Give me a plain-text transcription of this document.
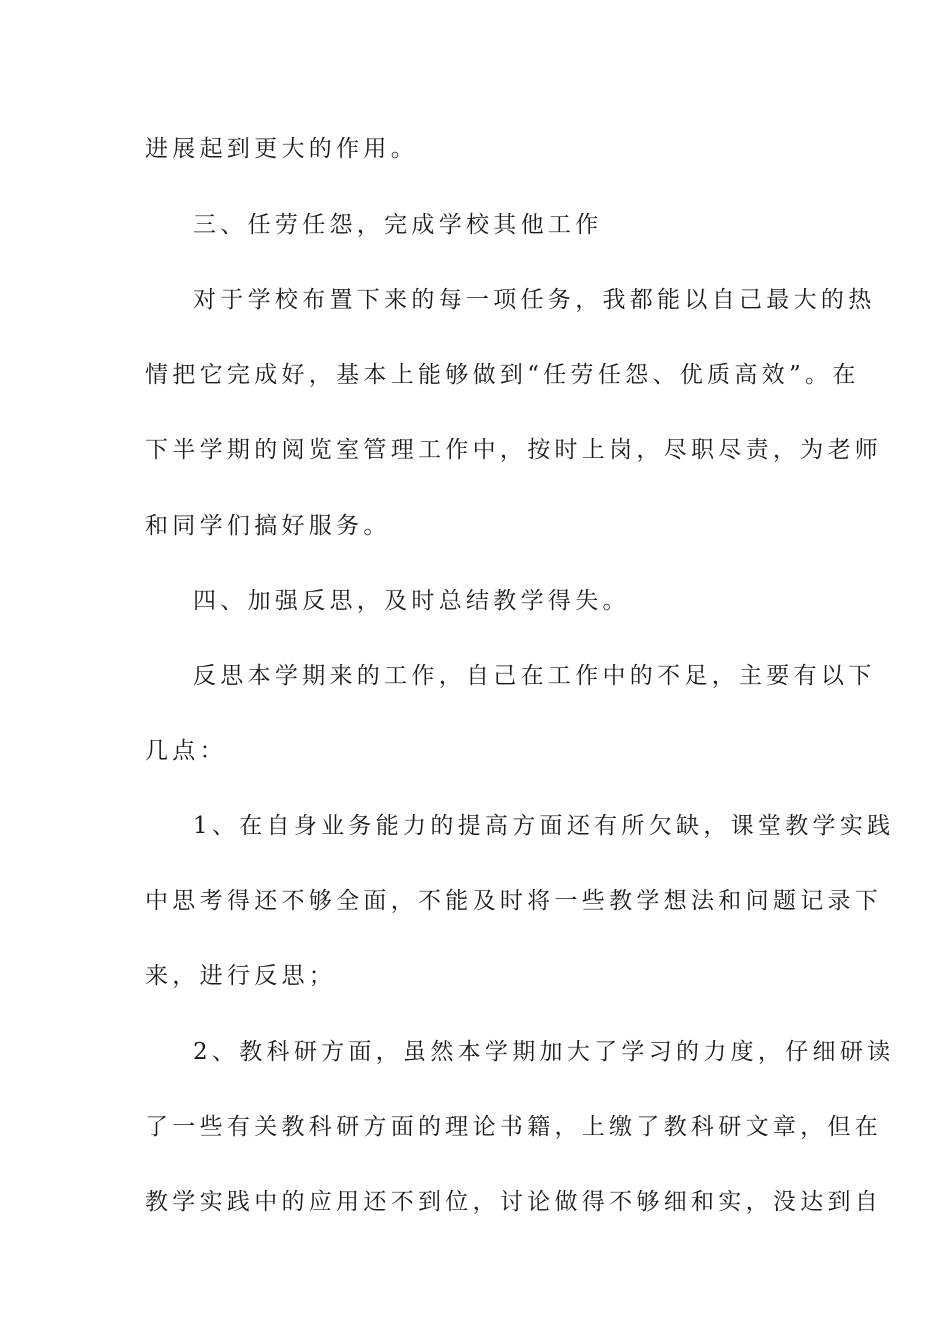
进展起到更大的作用。
三、任劳任怨，完成学校其他工作
对于学校布置下来的每一项任务，我都能以自己最大的热
情把它完成好，基本上能够做到“任劳任怨、优质高效”。在
下半学期的阅览室管理工作中，按时上岗，尽职尽责，为老师
和同学们搞好服务。
四、加强反思，及时总结教学得失。
反思本学期来的工作，自己在工作中的不足，主要有以下
几点：
1、在自身业务能力的提高方面还有所欠缺，课堂教学实践
中思考得还不够全面，不能及时将一些教学想法和问题记录下
来，进行反思；
2、教科研方面，虽然本学期加大了学习的力度，仔细研读
了一些有关教科研方面的理论书籍，上缴了教科研文章，但在
教学实践中的应用还不到位，讨论做得不够细和实，没达到自
